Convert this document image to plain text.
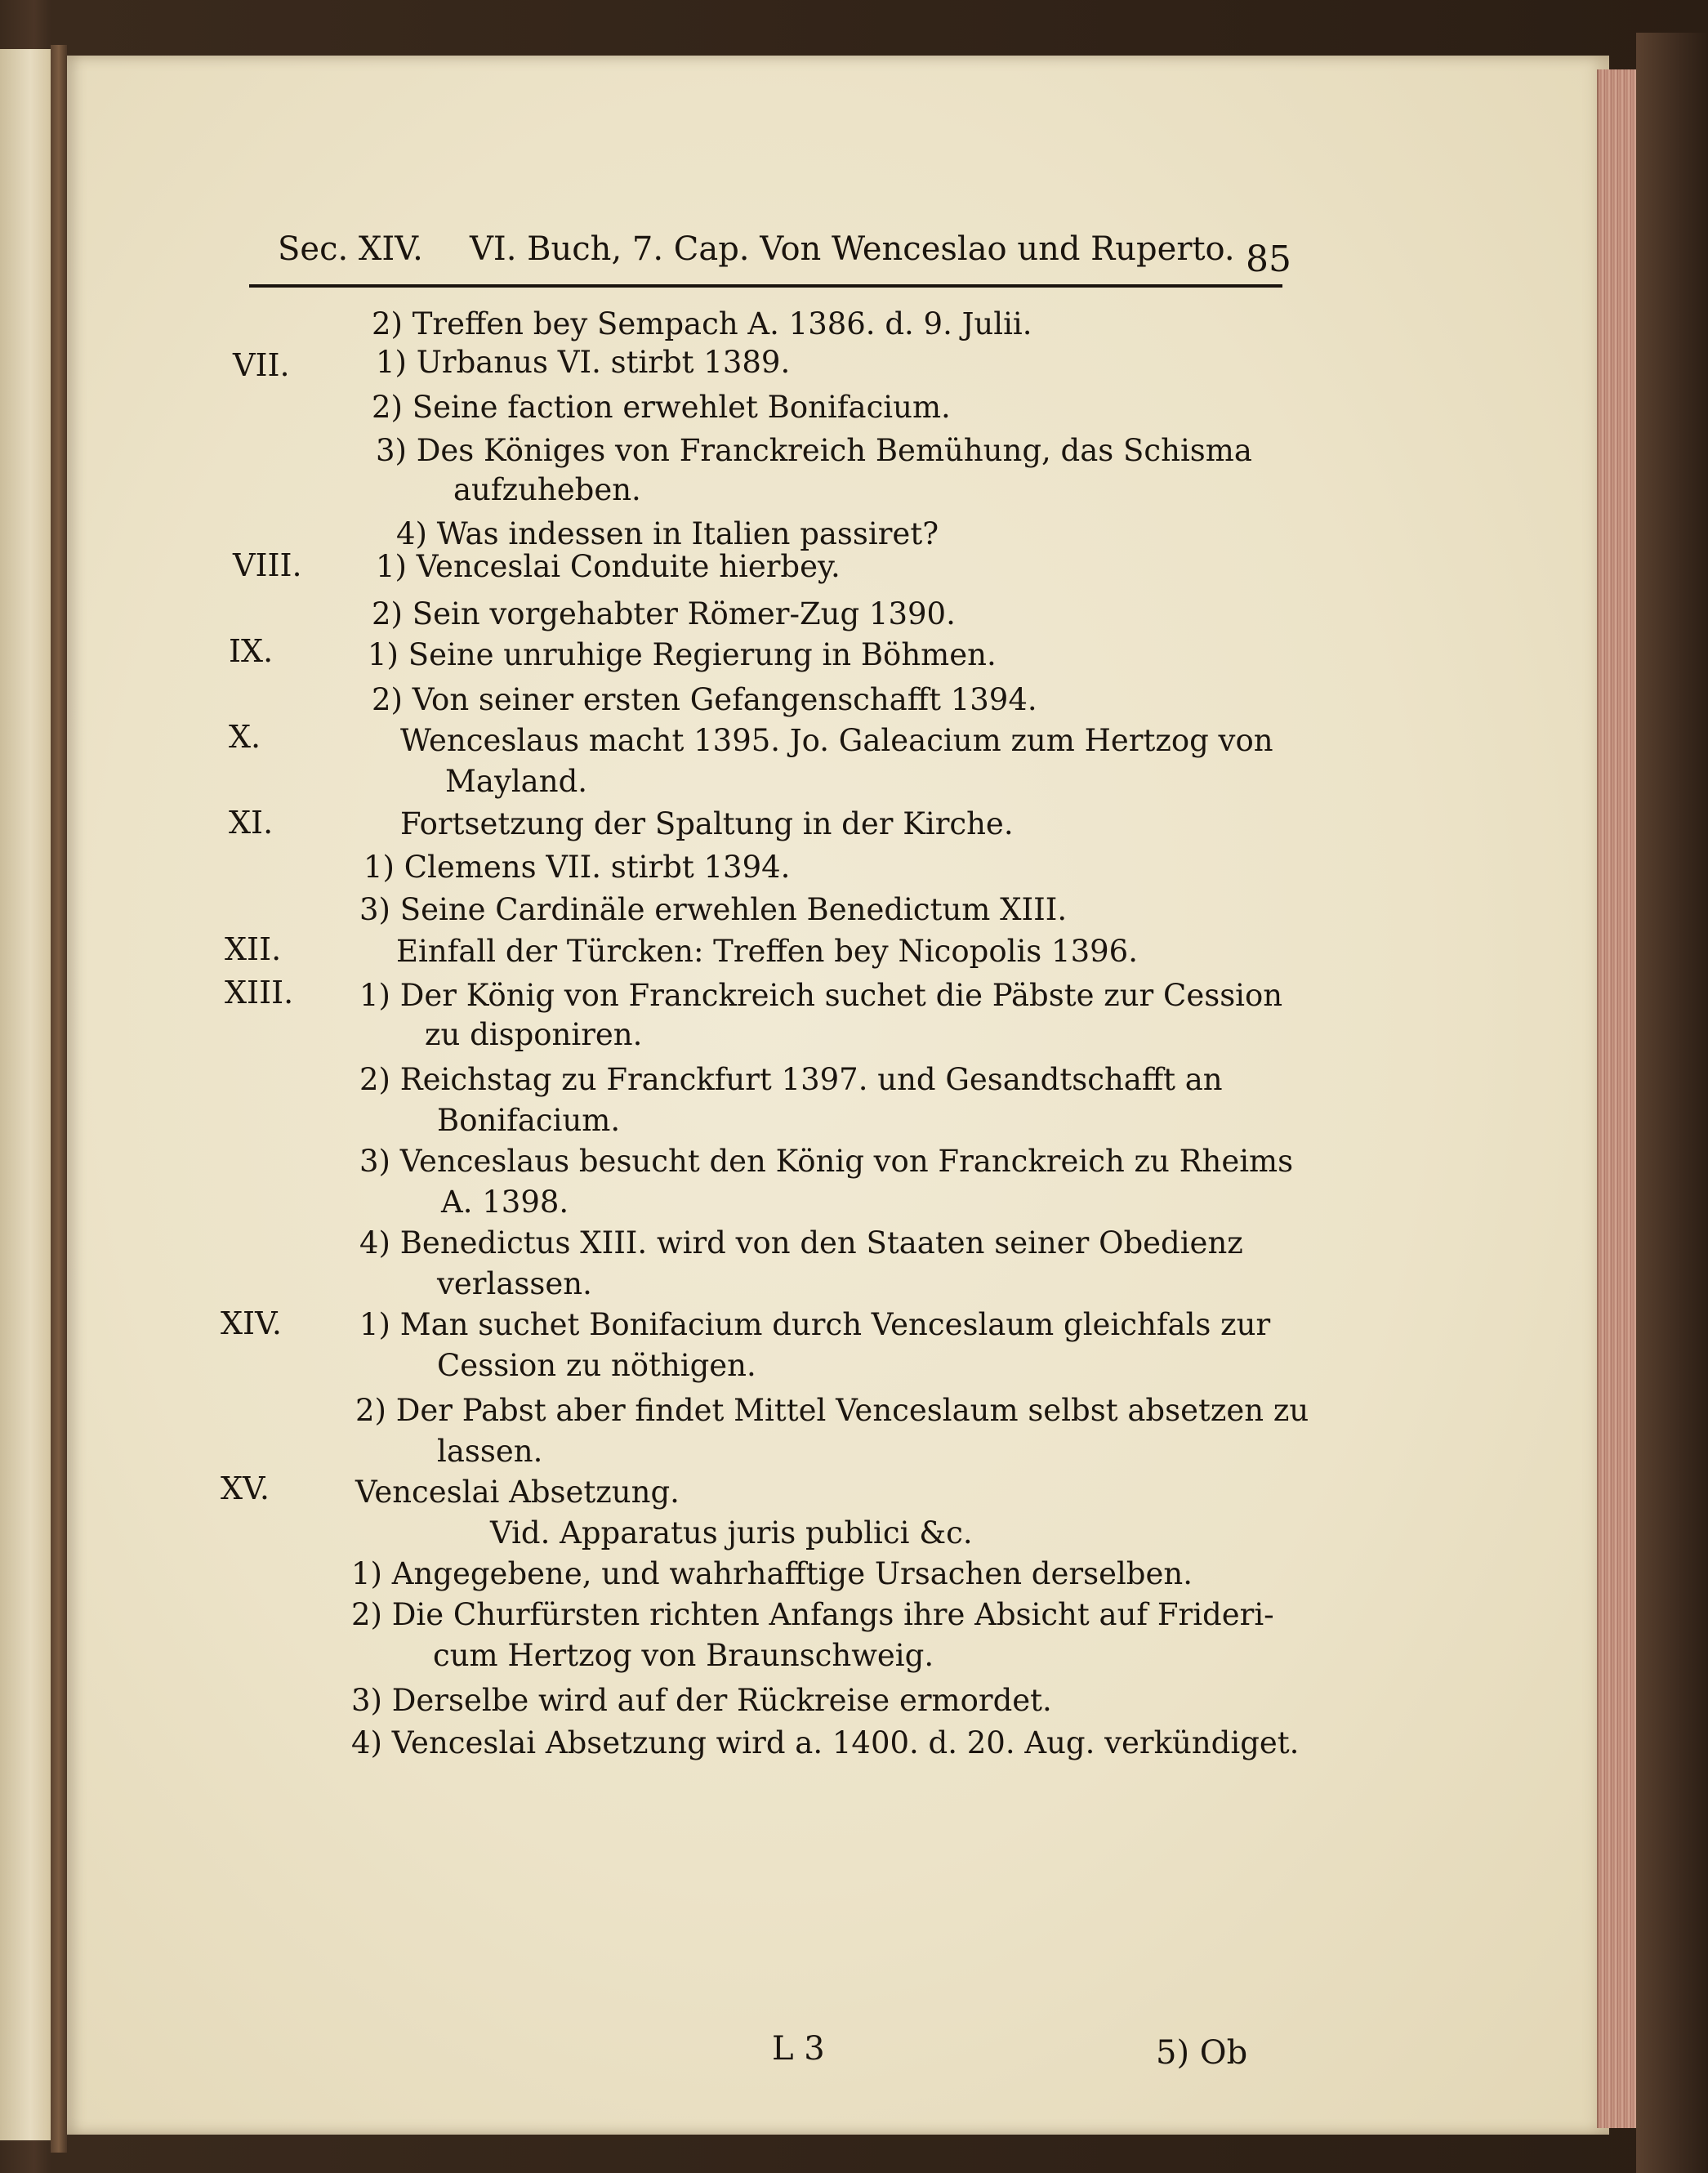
Sec. XIV. VI. Buch, 7. Cap. Von Wenceslao und Ruperto. 85
2) Treffen bey Sempach A. 1386. d. 9. Julii.
VII.	1) Urbanus VI. stirbt 1389.
2) Seine faction erwehlet Bonifacium.
3) Des Königes von Franckreich Bemühung, das Schisma
aufzuheben.
4) Was indessen in Italien passiret?
VIII. 1) Venceslai Conduite hierbey.
2) Sein vorgehabter Römer-Zug 1390.
IX.	1) Seine unruhige Regierung in Böhmen.
2) Von seiner ersten Gefangenschafft 1394.
X.	Wenceslaus macht 1395. Jo. Galeacium zum Hertzog von
Mayland.
XI.	Fortsetzung der Spaltung in der Kirche.
1) Clemens VII. stirbt 1394.
3) Seine Cardinäle erwehlen Benedictum XIII.
XII.	Einfall der Türcken: Treffen bey Nicopolis 1396.
XIII. 1) Der König von Franckreich suchet die Päbste zur Cession
zu disponiren.
2) Reichstag zu Franckfurt 1397. und Gesandtschafft an
Bonifacium.
3) Venceslaus besucht den König von Franckreich zu Rheims
A. 1398.
4) Benedictus XIII. wird von den Staaten seiner Obedienz
verlassen.
XIV.	1) Man suchet Bonifacium durch Venceslaum gleichfals zur
Cession zu nöthigen.
2) Der Pabst aber findet Mittel Venceslaum selbst absetzen zu
lassen.
XV.	Venceslai Absetzung.
Vid. Apparatus juris publici &c.
1) Angegebene, und wahrhafftige Ursachen derselben.
2) Die Churfürsten richten Anfangs ihre Absicht auf Frideri-
cum Hertzog von Braunschweig.
3) Derselbe wird auf der Rückreise ermordet.
4) Venceslai Absetzung wird a. 1400. d. 20. Aug. verkündiget.
L 3	5) Ob
